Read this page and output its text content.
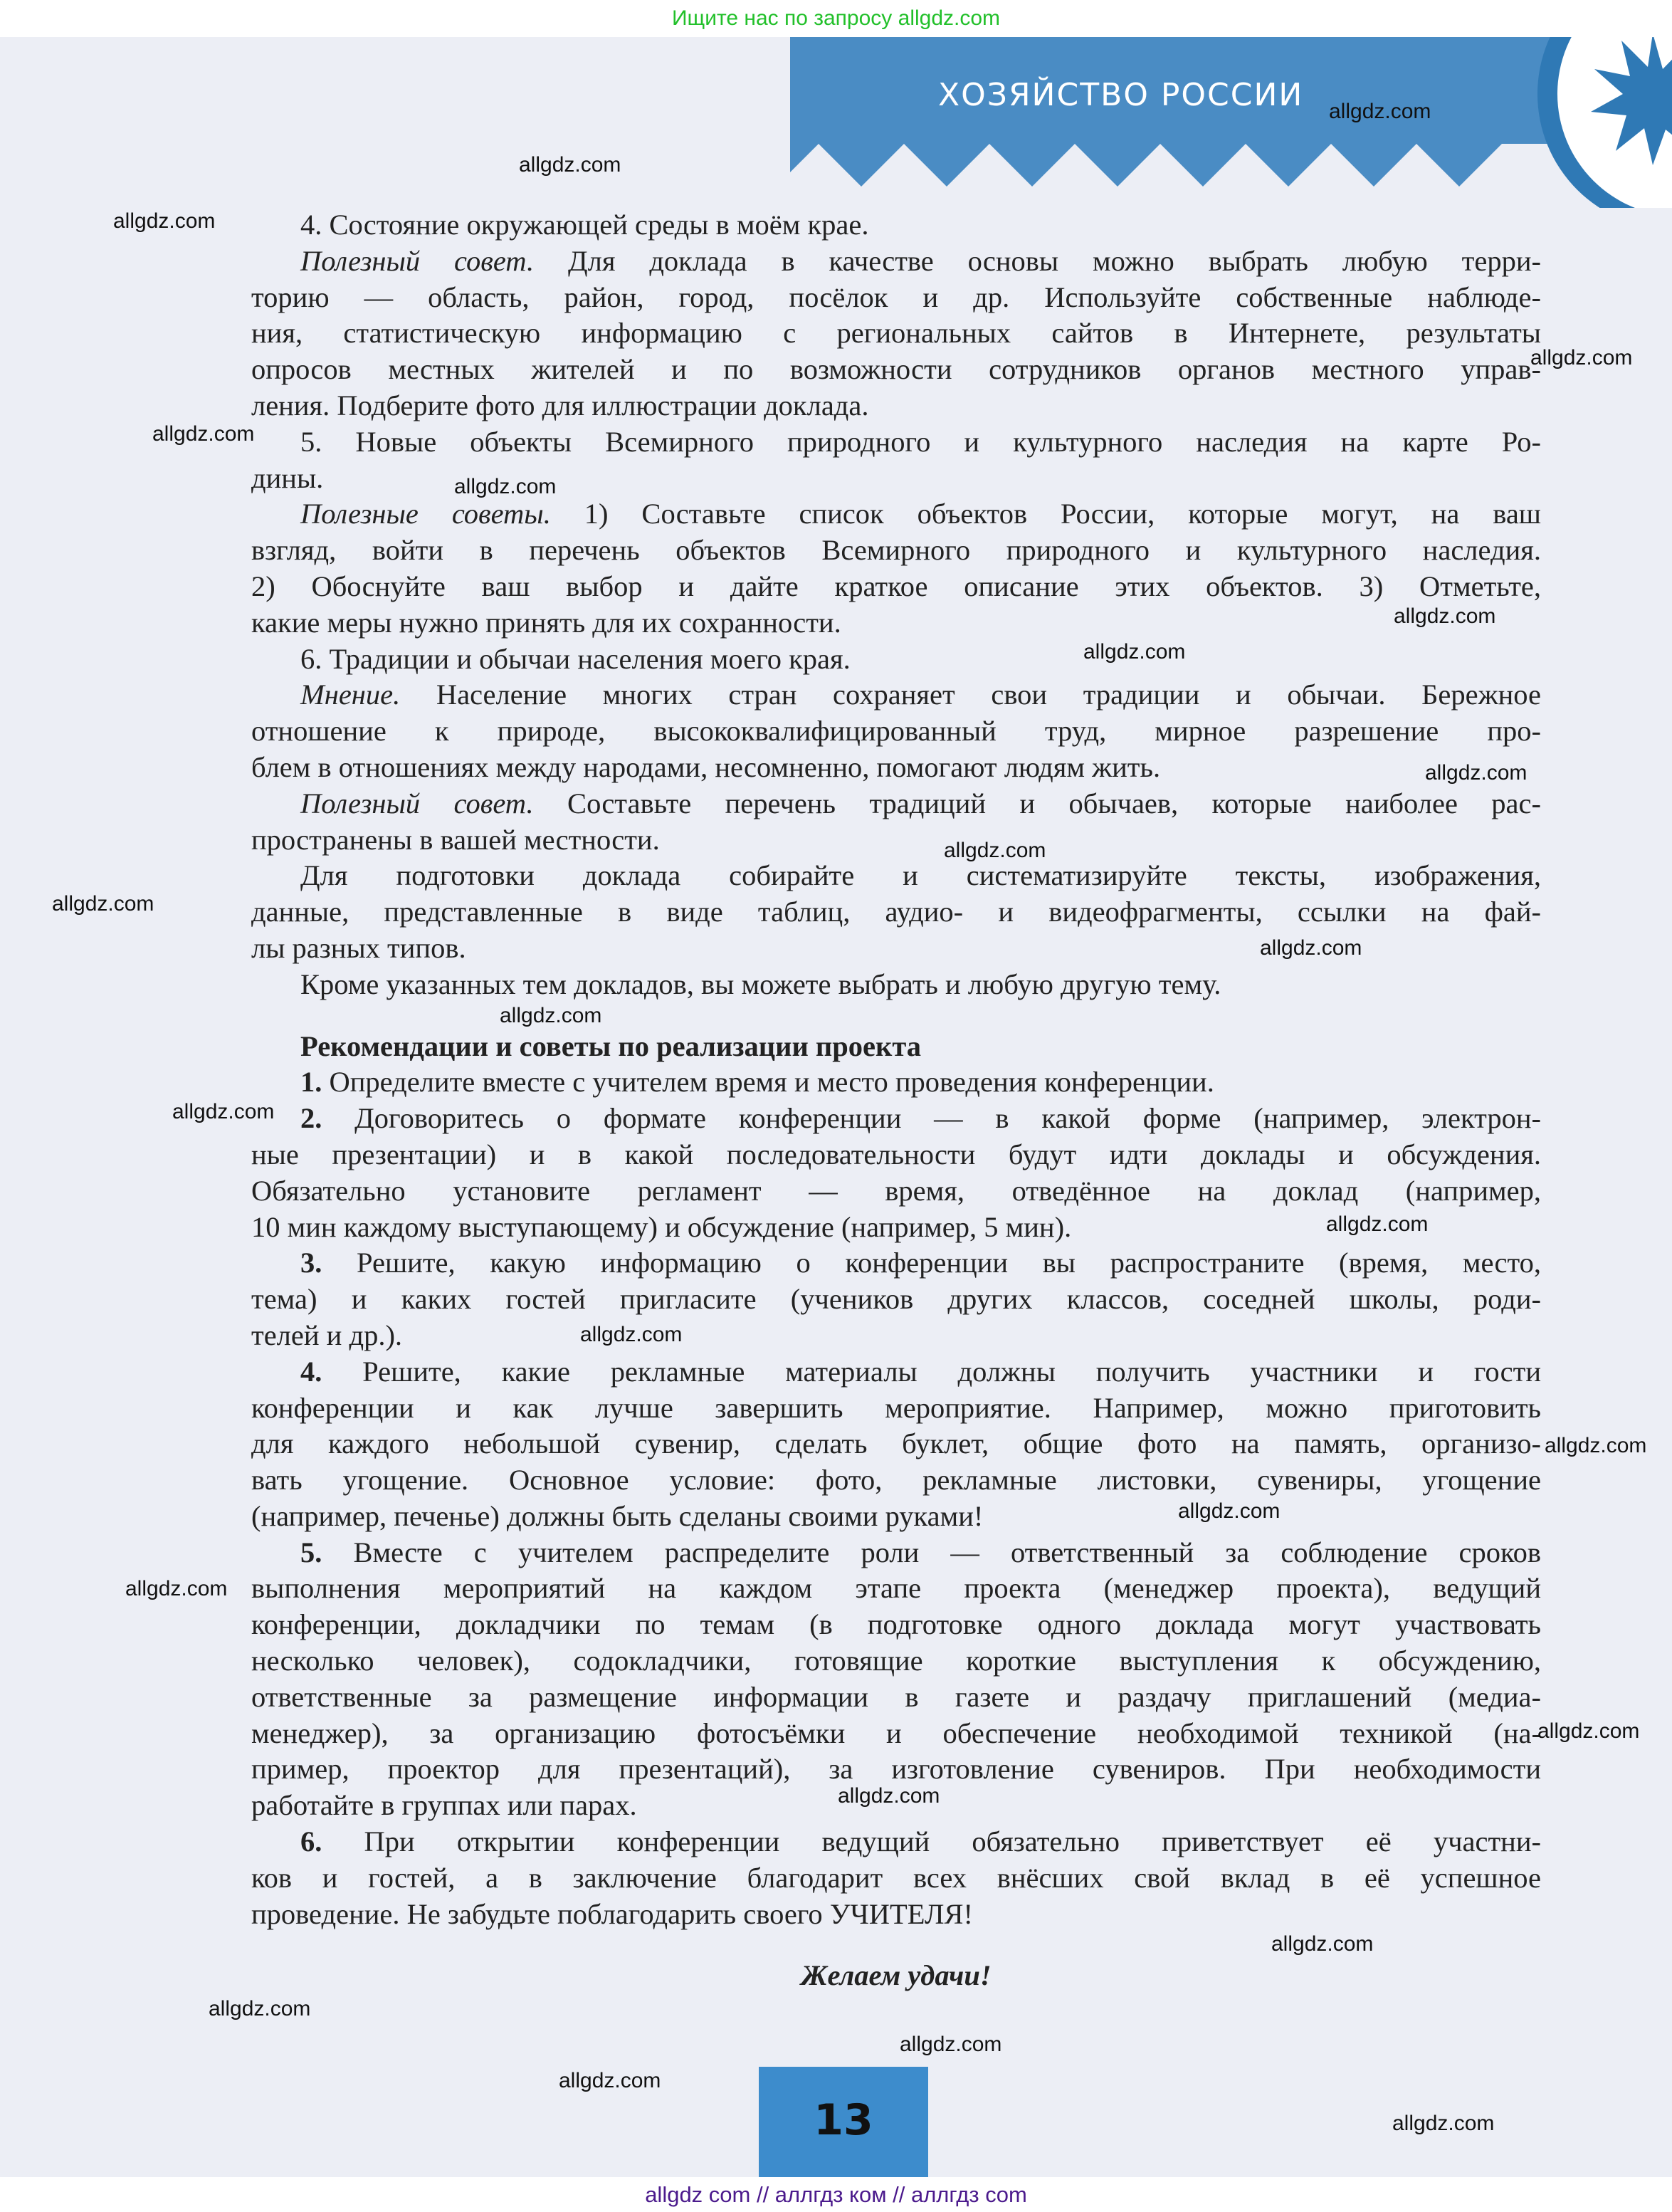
Ищите нас по запросу allgdz.com
ХОЗЯЙСТВО РОССИИ
4. Состояние окружающей среды в моём крае.
Полезный совет. Для доклада в качестве основы можно выбрать любую терри-
торию — область, район, город, посёлок и др. Используйте собственные наблюде-
ния, статистическую информацию с региональных сайтов в Интернете, результаты
опросов местных жителей и по возможности сотрудников органов местного управ-
ления. Подберите фото для иллюстрации доклада.
5. Новые объекты Всемирного природного и культурного наследия на карте Ро-
дины.
Полезные советы. 1) Составьте список объектов России, которые могут, на ваш
взгляд, войти в перечень объектов Всемирного природного и культурного наследия.
2) Обоснуйте ваш выбор и дайте краткое описание этих объектов. 3) Отметьте,
какие меры нужно принять для их сохранности.
6. Традиции и обычаи населения моего края.
Мнение. Население многих стран сохраняет свои традиции и обычаи. Бережное
отношение к природе, высококвалифицированный труд, мирное разрешение про-
блем в отношениях между народами, несомненно, помогают людям жить.
Полезный совет. Составьте перечень традиций и обычаев, которые наиболее рас-
пространены в вашей местности.
Для подготовки доклада собирайте и систематизируйте тексты, изображения,
данные, представленные в виде таблиц, аудио- и видеофрагменты, ссылки на фай-
лы разных типов.
Кроме указанных тем докладов, вы можете выбрать и любую другую тему.
Рекомендации и советы по реализации проекта
1. Определите вместе с учителем время и место проведения конференции.
2. Договоритесь о формате конференции — в какой форме (например, электрон-
ные презентации) и в какой последовательности будут идти доклады и обсуждения.
Обязательно установите регламент — время, отведённое на доклад (например,
10 мин каждому выступающему) и обсуждение (например, 5 мин).
3. Решите, какую информацию о конференции вы распространите (время, место,
тема) и каких гостей пригласите (учеников других классов, соседней школы, роди-
телей и др.).
4. Решите, какие рекламные материалы должны получить участники и гости
конференции и как лучше завершить мероприятие. Например, можно приготовить
для каждого небольшой сувенир, сделать буклет, общие фото на память, организо-
вать угощение. Основное условие: фото, рекламные листовки, сувениры, угощение
(например, печенье) должны быть сделаны своими руками!
5. Вместе с учителем распределите роли — ответственный за соблюдение сроков
выполнения мероприятий на каждом этапе проекта (менеджер проекта), ведущий
конференции, докладчики по темам (в подготовке одного доклада могут участвовать
несколько человек), содокладчики, готовящие короткие выступления к обсуждению,
ответственные за размещение информации в газете и раздачу приглашений (медиа-
менеджер), за организацию фотосъёмки и обеспечение необходимой техникой (на-
пример, проектор для презентаций), за изготовление сувениров. При необходимости
работайте в группах или парах.
6. При открытии конференции ведущий обязательно приветствует её участни-
ков и гостей, а в заключение благодарит всех внёсших свой вклад в её успешное
проведение. Не забудьте поблагодарить своего УЧИТЕЛЯ!
Желаем удачи!
13
allgdz com // аллгдз ком // аллгдз com
allgdz.com
allgdz.com
allgdz.com
allgdz.com
allgdz.com
allgdz.com
allgdz.com
allgdz.com
allgdz.com
allgdz.com
allgdz.com
allgdz.com
allgdz.com
allgdz.com
allgdz.com
allgdz.com
allgdz.com
allgdz.com
allgdz.com
allgdz.com
allgdz.com
allgdz.com
allgdz.com
allgdz.com
allgdz.com
allgdz.com
